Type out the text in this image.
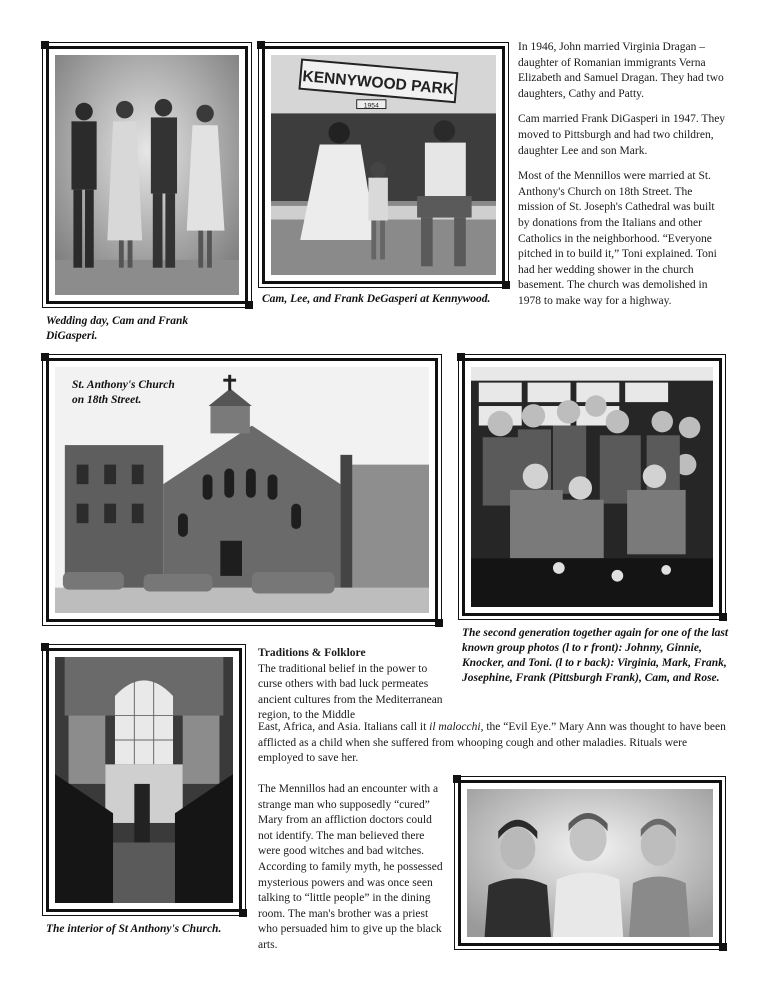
Wedding day, Cam and Frank DiGasperi.
KENNYWOOD PARK
1954
Cam, Lee, and Frank DeGasperi at Kennywood.

In 1946, John married Virginia Dragan – daughter of Romanian immigrants Verna Elizabeth and Samuel Dragan. They had two daughters, Cathy and Patty.

Cam married Frank DiGasperi in 1947. They moved to Pittsburgh and had two children, daughter Lee and son Mark.

Most of the Mennillos were married at St. Anthony's Church on 18th Street. The mission of St. Joseph's Cathedral was built by donations from the Italians and other Catholics in the neighborhood. “Everyone pitched in to build it,” Toni explained. Toni had her wedding shower in the church basement. The church was demolished in 1978 to make way for a highway.

St. Anthony's Church
on 18th Street.
The second generation together again for one of the last known group photos (l to r front): Johnny, Ginnie, Knocker, and Toni. (l to r back): Virginia, Mark, Frank, Josephine, Frank (Pittsburgh Frank), Cam, and Rose.
The interior of St Anthony's Church.
Traditions & Folklore
The traditional belief in the power to curse others with bad luck permeates ancient cultures from the Mediterranean region, to the Middle

East, Africa, and Asia. Italians call it il malocchi, the “Evil Eye.” Mary Ann was thought to have been afflicted as a child when she suffered from whooping cough and other maladies. Rituals were employed to save her.

The Mennillos had an encounter with a strange man who supposedly “cured” Mary from an affliction doctors could not identify. The man believed there were good witches and bad witches. According to family myth, he possessed mysterious powers and was once seen talking to “little people” in the dining room. The man's brother was a priest who persuaded him to give up the black arts.
